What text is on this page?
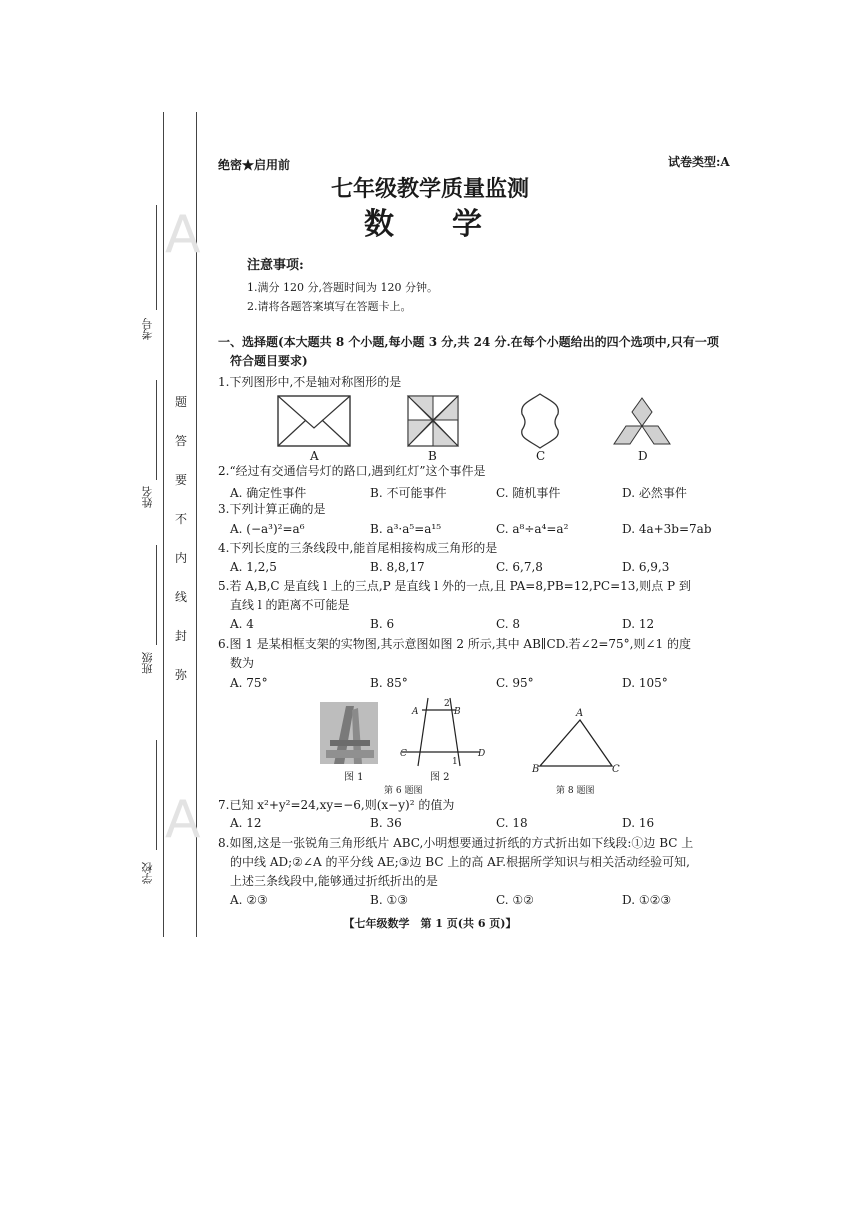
A
A
考号
姓名
班级
学校
题
答
要
不
内
线
封
弥
绝密★启用前	试卷类型:A
七年级教学质量监测
数　学
注意事项:
1.满分 120 分,答题时间为 120 分钟。
2.请将各题答案填写在答题卡上。
一、选择题(本大题共 8 个小题,每小题 3 分,共 24 分.在每个小题给出的四个选项中,只有一项
符合题目要求)
1.下列图形中,不是轴对称图形的是
A	B	C	D
2.“经过有交通信号灯的路口,遇到红灯”这个事件是
A. 确定性事件	B. 不可能事件	C. 随机事件	D. 必然事件
3.下列计算正确的是
A. (−a³)²=a⁶	B. a³·a⁵=a¹⁵	C. a⁸÷a⁴=a²	D. 4a+3b=7ab
4.下列长度的三条线段中,能首尾相接构成三角形的是
A. 1,2,5	B. 8,8,17	C. 6,7,8	D. 6,9,3
5.若 A,B,C 是直线 l 上的三点,P 是直线 l 外的一点,且 PA=8,PB=12,PC=13,则点 P 到
直线 l 的距离不可能是
A. 4	B. 6	C. 8	D. 12
6.图 1 是某相框支架的实物图,其示意图如图 2 所示,其中 AB∥CD.若∠2=75°,则∠1 的度
数为
A. 75°	B. 85°	C. 95°	D. 105°
图 1
A	B
C	D
2
1
图 2
第 6 题图
A
B	C
第 8 题图
7.已知 x²+y²=24,xy=−6,则(x−y)² 的值为
A. 12	B. 36	C. 18	D. 16
8.如图,这是一张锐角三角形纸片 ABC,小明想要通过折纸的方式折出如下线段:①边 BC 上
的中线 AD;②∠A 的平分线 AE;③边 BC 上的高 AF.根据所学知识与相关活动经验可知,
上述三条线段中,能够通过折纸折出的是
A. ②③	B. ①③	C. ①②	D. ①②③
【七年级数学　第 1 页(共 6 页)】
